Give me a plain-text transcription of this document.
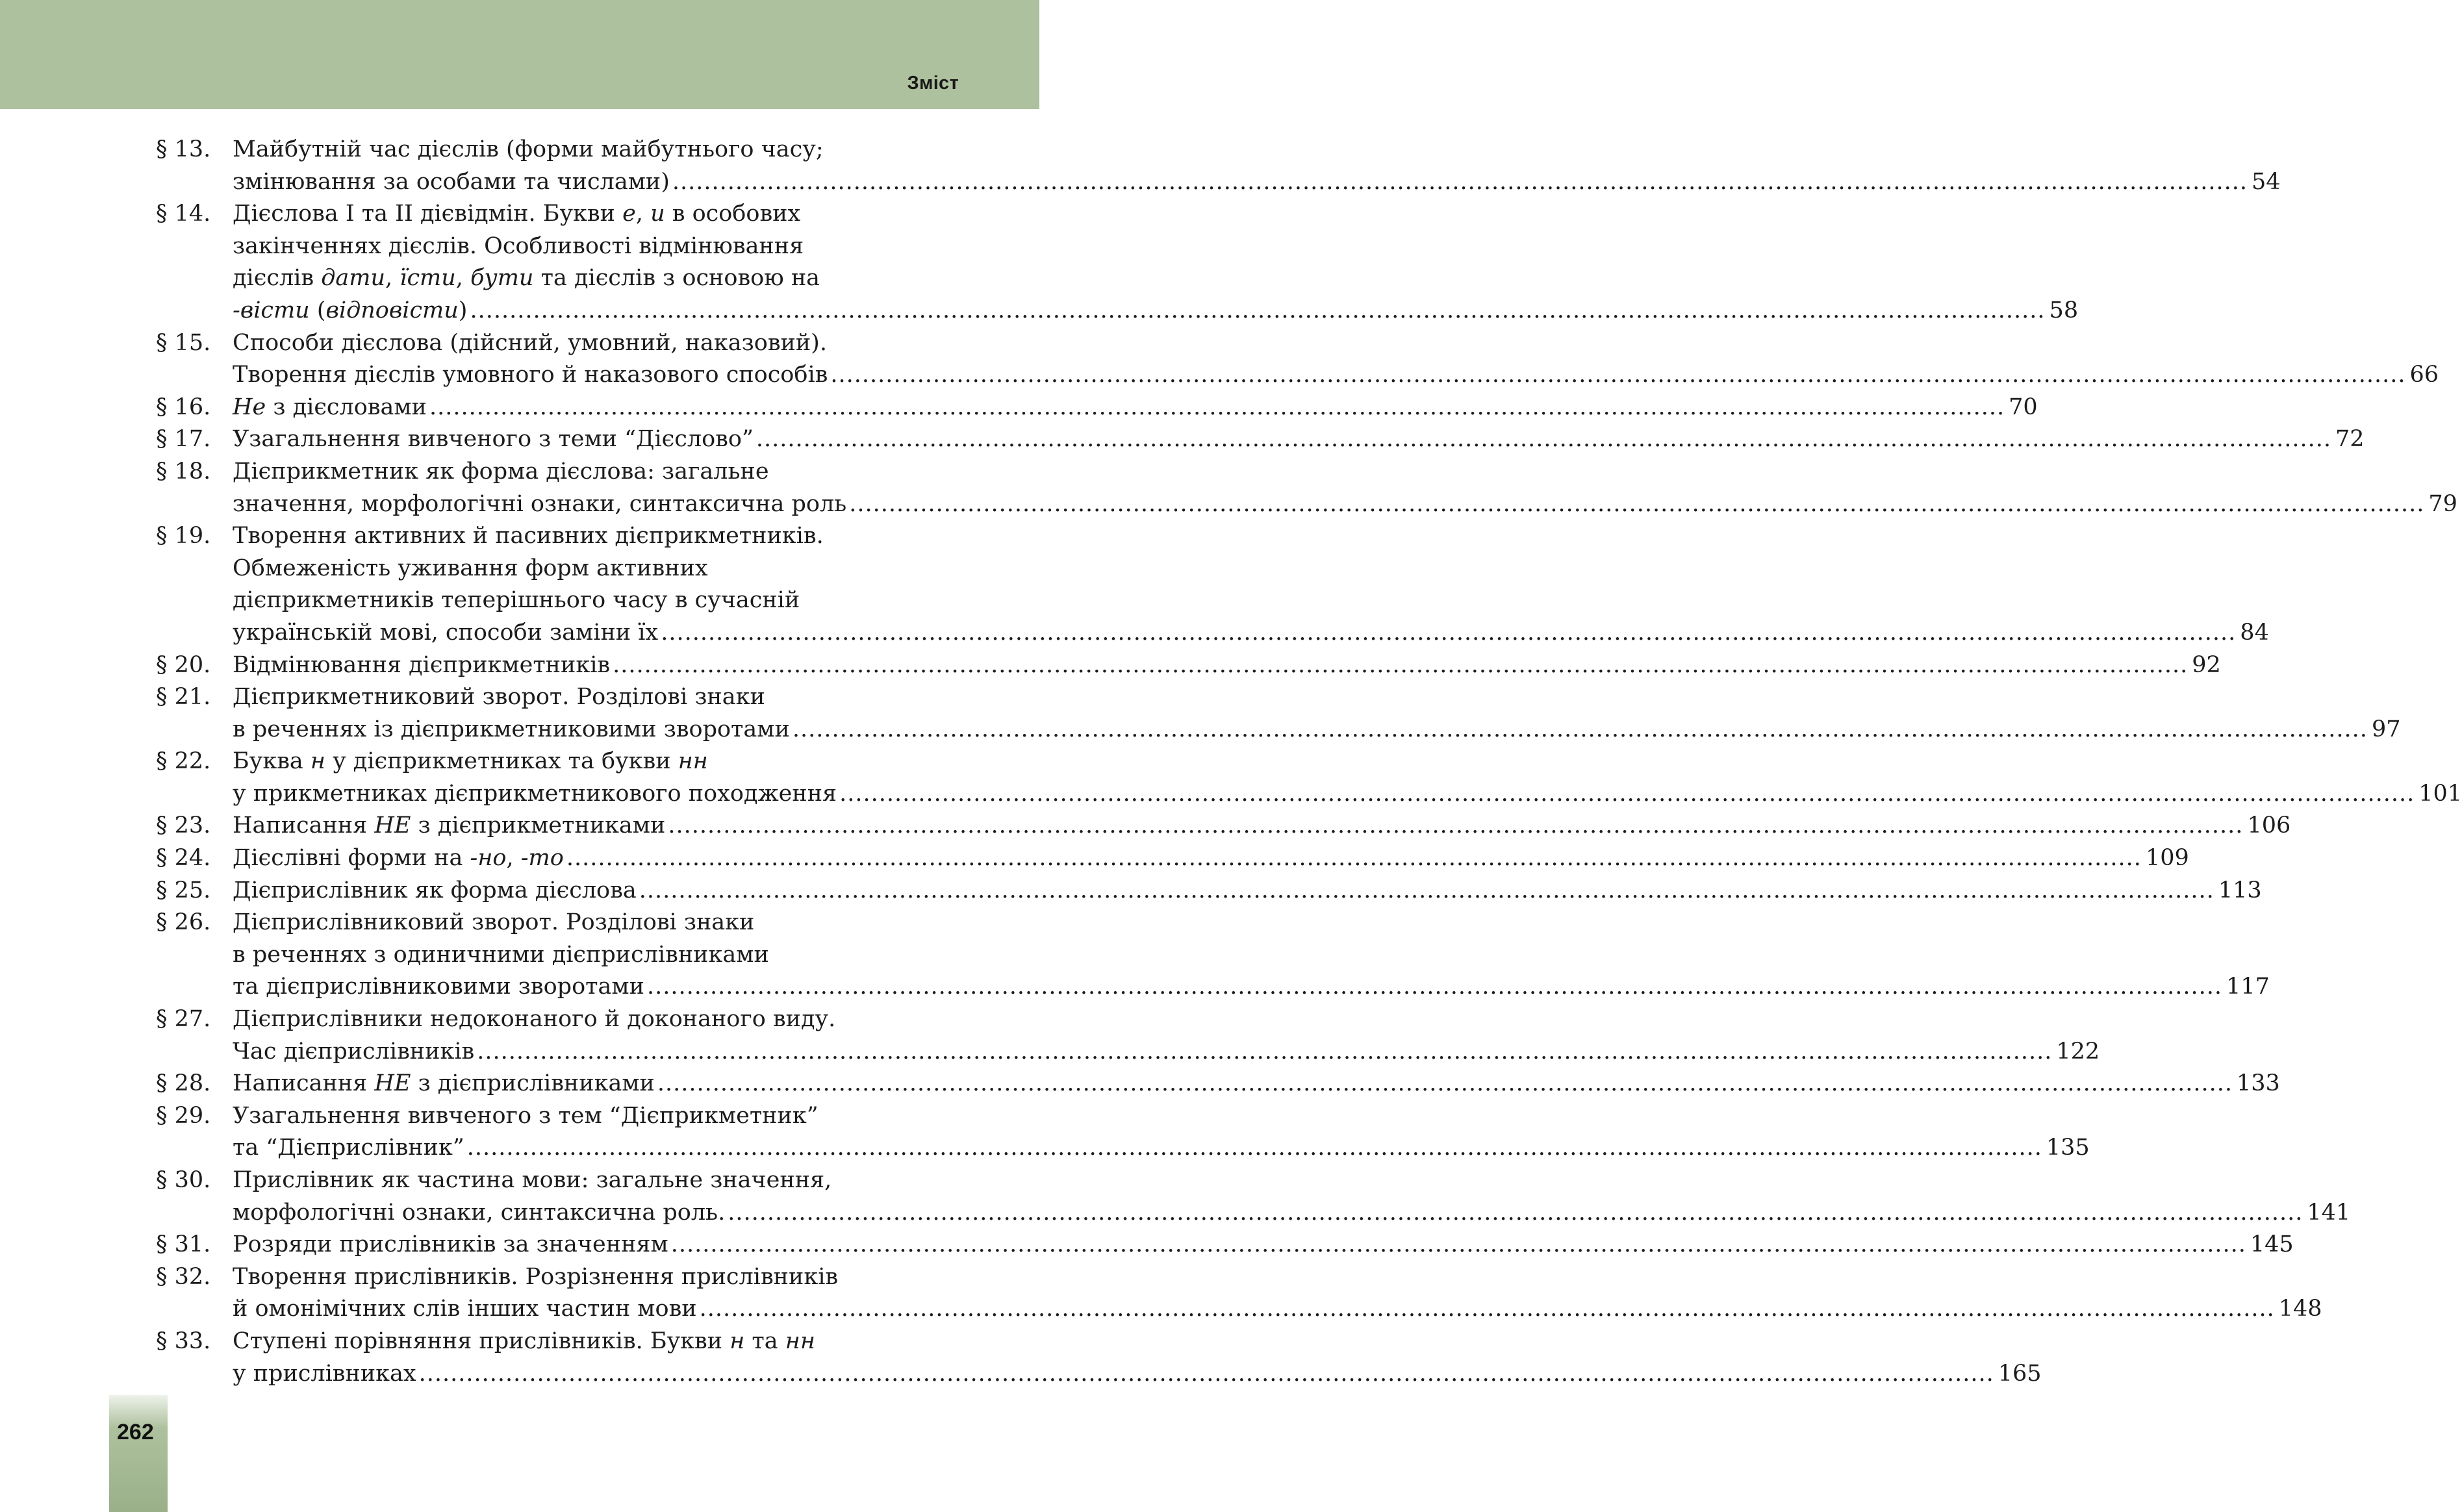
Зміст
§ 13. Майбутній час дієслів (форми майбутнього часу;
змінювання за особами та числами) ........................................................................................................................................................................................................ 54
§ 14. Дієслова I та II дієвідмін. Букви е, и в особових
закінченнях дієслів. Особливості відмінювання
дієслів дати, їсти, бути та дієслів з основою на
-вісти (відповісти) ........................................................................................................................................................................................................ 58
§ 15. Способи дієслова (дійсний, умовний, наказовий).
Творення дієслів умовного й наказового способів ........................................................................................................................................................................................................ 66
§ 16. Не з дієсловами ........................................................................................................................................................................................................ 70
§ 17. Узагальнення вивченого з теми “Дієслово” ........................................................................................................................................................................................................ 72
§ 18. Дієприкметник як форма дієслова: загальне
значення, морфологічні ознаки, синтаксична роль ........................................................................................................................................................................................................ 79
§ 19. Творення активних й пасивних дієприкметників.
Обмеженість уживання форм активних
дієприкметників теперішнього часу в сучасній
українській мові, способи заміни їх ........................................................................................................................................................................................................ 84
§ 20. Відмінювання дієприкметників ........................................................................................................................................................................................................ 92
§ 21. Дієприкметниковий зворот. Розділові знаки
в реченнях із дієприкметниковими зворотами ........................................................................................................................................................................................................ 97
§ 22. Буква н у дієприкметниках та букви нн
у прикметниках дієприкметникового походження ........................................................................................................................................................................................................ 101
§ 23. Написання НЕ з дієприкметниками ........................................................................................................................................................................................................ 106
§ 24. Дієслівні форми на -но, -то ........................................................................................................................................................................................................ 109
§ 25. Дієприслівник як форма дієслова ........................................................................................................................................................................................................ 113
§ 26. Дієприслівниковий зворот. Розділові знаки
в реченнях з одиничними дієприслівниками
та дієприслівниковими зворотами ........................................................................................................................................................................................................ 117
§ 27. Дієприслівники недоконаного й доконаного виду.
Час дієприслівників ........................................................................................................................................................................................................ 122
§ 28. Написання НЕ з дієприслівниками ........................................................................................................................................................................................................ 133
§ 29. Узагальнення вивченого з тем “Дієприкметник”
та “Дієприслівник” ........................................................................................................................................................................................................ 135
§ 30. Прислівник як частина мови: загальне значення,
морфологічні ознаки, синтаксична роль. ........................................................................................................................................................................................................ 141
§ 31. Розряди прислівників за значенням ........................................................................................................................................................................................................ 145
§ 32. Творення прислівників. Розрізнення прислівників
й омонімічних слів інших частин мови ........................................................................................................................................................................................................ 148
§ 33. Ступені порівняння прислівників. Букви н та нн
у прислівниках ........................................................................................................................................................................................................ 165
262
